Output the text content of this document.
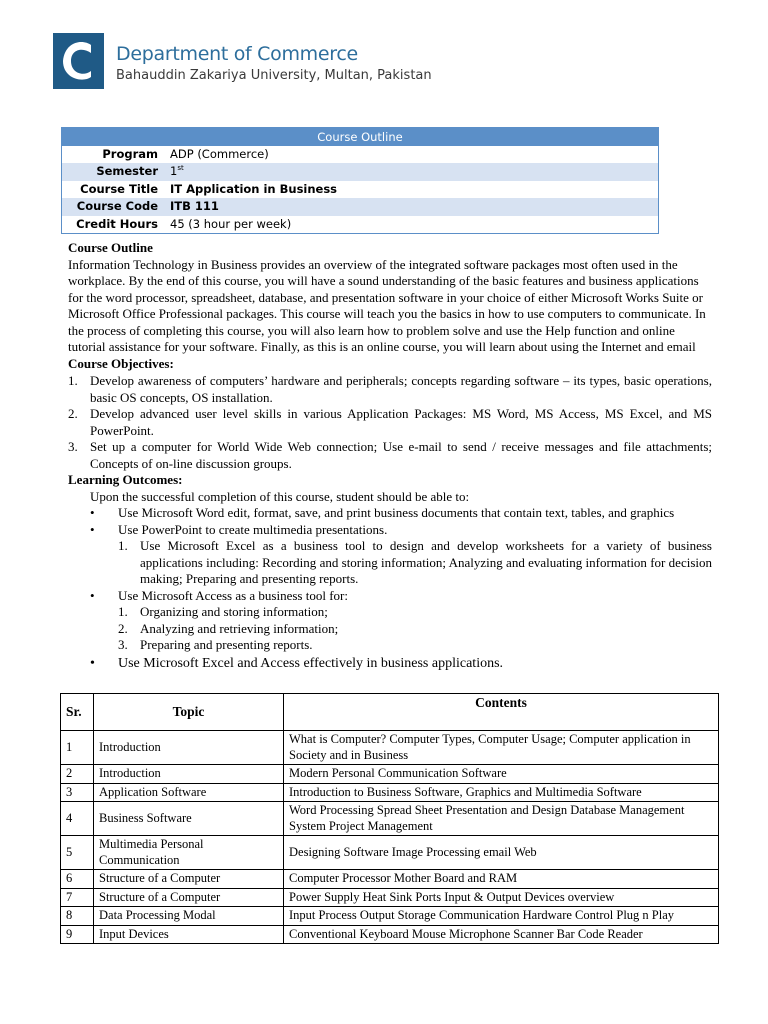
Department of Commerce
Bahauddin Zakariya University, Multan, Pakistan
Course Outline
Program	ADP (Commerce)
Semester	1st
Course Title	IT Application in Business
Course Code	ITB 111
Credit Hours	45 (3 hour per week)
Course Outline
Information Technology in Business provides an overview of the integrated software packages most often used in the workplace. By the end of this course, you will have a sound understanding of the basic features and business applications for the word processor, spreadsheet, database, and presentation software in your choice of either Microsoft Works Suite or Microsoft Office Professional packages. This course will teach you the basics in how to use computers to communicate. In the process of completing this course, you will also learn how to problem solve and use the Help function and online tutorial assistance for your software. Finally, as this is an online course, you will learn about using the Internet and email
Course Objectives:
1. Develop awareness of computers’ hardware and peripherals; concepts regarding software – its types, basic operations, basic OS concepts, OS installation.
2. Develop advanced user level skills in various Application Packages: MS Word, MS Access, MS Excel, and MS PowerPoint.
3. Set up a computer for World Wide Web connection; Use e-mail to send / receive messages and file attachments; Concepts of on-line discussion groups.
Learning Outcomes:
Upon the successful completion of this course, student should be able to:
•	Use Microsoft Word edit, format, save, and print business documents that contain text, tables, and graphics
•	Use PowerPoint to create multimedia presentations.
1. Use Microsoft Excel as a business tool to design and develop worksheets for a variety of business applications including: Recording and storing information; Analyzing and evaluating information for decision making; Preparing and presenting reports.
•	Use Microsoft Access as a business tool for:
1. Organizing and storing information;
2. Analyzing and retrieving information;
3. Preparing and presenting reports.
•	Use Microsoft Excel and Access effectively in business applications.
Sr.	Topic	Contents
1	Introduction	What is Computer? Computer Types, Computer Usage; Computer application in Society and in Business
2	Introduction	Modern Personal Communication Software
3	Application Software	Introduction to Business Software, Graphics and Multimedia Software
4	Business Software	Word Processing Spread Sheet Presentation and Design Database Management System Project Management
5	Multimedia Personal Communication	Designing Software Image Processing email Web
6	Structure of a Computer	Computer Processor Mother Board and RAM
7	Structure of a Computer	Power Supply Heat Sink Ports Input & Output Devices overview
8	Data Processing Modal	Input Process Output Storage Communication Hardware Control Plug n Play
9	Input Devices	Conventional Keyboard Mouse Microphone Scanner Bar Code Reader
